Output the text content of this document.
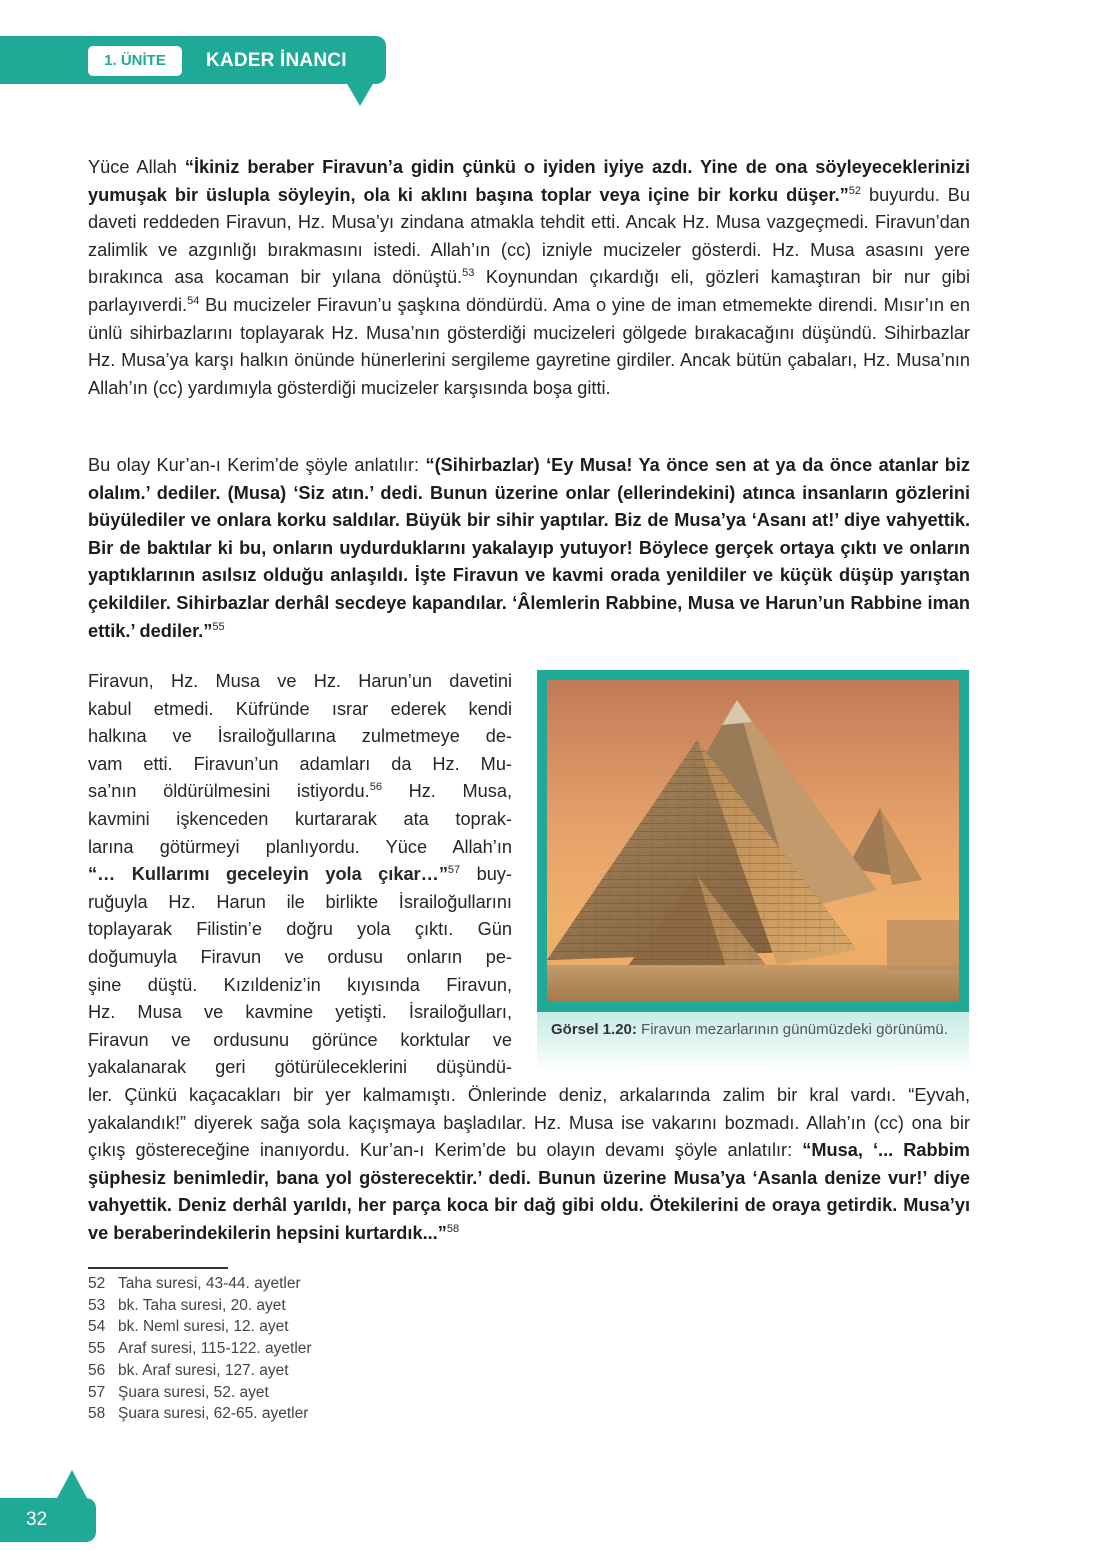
1. ÜNİTE	KADER İNANCI

Yüce Allah “İkiniz beraber Firavun’a gidin çünkü o iyiden iyiye azdı. Yine de ona söyleyeceklerinizi yumuşak bir üslupla söyleyin, ola ki aklını başına toplar veya içine bir korku düşer.”$^{52}$ buyurdu. Bu daveti reddeden Firavun, Hz. Musa’yı zindana atmakla tehdit etti. Ancak Hz. Musa vazgeçmedi. Firavun’dan zalimlik ve azgınlığı bırakmasını istedi. Allah’ın (cc) izniyle mucizeler gösterdi. Hz. Musa asasını yere bırakınca asa kocaman bir yılana dönüştü.$^{53}$ Koynundan çıkardığı eli, gözleri kamaştıran bir nur gibi parlayıverdi.$^{54}$ Bu mucizeler Firavun’u şaşkına döndürdü. Ama o yine de iman etmemekte direndi. Mısır’ın en ünlü sihirbazlarını toplayarak Hz. Musa’nın gösterdiği mucizeleri gölgede bırakacağını düşündü. Sihirbazlar Hz. Musa’ya karşı halkın önünde hünerlerini sergileme gayretine girdiler. Ancak bütün çabaları, Hz. Musa’nın Allah’ın (cc) yardımıyla gösterdiği mucizeler karşısında boşa gitti.

Bu olay Kur’an-ı Kerim’de şöyle anlatılır: “(Sihirbazlar) ‘Ey Musa! Ya önce sen at ya da önce atanlar biz olalım.’ dediler. (Musa) ‘Siz atın.’ dedi. Bunun üzerine onlar (ellerindekini) atınca insanların gözlerini büyülediler ve onlara korku saldılar. Büyük bir sihir yaptılar. Biz de Musa’ya ‘Asanı at!’ diye vahyettik. Bir de baktılar ki bu, onların uydurduklarını yakalayıp yutuyor! Böylece gerçek ortaya çıktı ve onların yaptıklarının asılsız olduğu anlaşıldı. İşte Firavun ve kavmi orada yenildiler ve küçük düşüp yarıştan çekildiler. Sihirbazlar derhâl secdeye kapandılar. ‘Âlemlerin Rabbine, Musa ve Harun’un Rabbine iman ettik.’ dediler.”$^{55}$

Firavun, Hz. Musa ve Hz. Harun’un davetini
kabul etmedi. Küfründe ısrar ederek kendi
halkına ve İsrailoğullarına zulmetmeye de-
vam etti. Firavun’un adamları da Hz. Mu-
sa’nın öldürülmesini istiyordu.$^{56}$ Hz. Musa,
kavmini işkenceden kurtararak ata toprak-
larına götürmeyi planlıyordu. Yüce Allah’ın
“… Kullarımı geceleyin yola çıkar…”$^{57}$ buy-
ruğuyla Hz. Harun ile birlikte İsrailoğullarını
toplayarak Filistin’e doğru yola çıktı. Gün
doğumuyla Firavun ve ordusu onların pe-
şine düştü. Kızıldeniz’in kıyısında Firavun,
Hz. Musa ve kavmine yetişti. İsrailoğulları,
Firavun ve ordusunu görünce korktular ve
yakalanarak geri götürüleceklerini düşündü-
Görsel 1.20: Firavun mezarlarının günümüzdeki görünümü.

ler. Çünkü kaçacakları bir yer kalmamıştı. Önlerinde deniz, arkalarında zalim bir kral vardı. “Eyvah, yakalandık!” diyerek sağa sola kaçışmaya başladılar. Hz. Musa ise vakarını bozmadı. Allah’ın (cc) ona bir çıkış göstereceğine inanıyordu. Kur’an-ı Kerim’de bu olayın devamı şöyle anlatılır: “Musa, ‘... Rabbim şüphesiz benimledir, bana yol gösterecektir.’ dedi. Bunun üzerine Musa’ya ‘Asanla denize vur!’ diye vahyettik. Deniz derhâl yarıldı, her parça koca bir dağ gibi oldu. Ötekilerini de oraya getirdik. Musa’yı ve beraberindekilerin hepsini kurtardık...”$^{58}$

52 Taha suresi, 43-44. ayetler
53 bk. Taha suresi, 20. ayet
54 bk. Neml suresi, 12. ayet
55 Araf suresi, 115-122. ayetler
56 bk. Araf suresi, 127. ayet
57 Şuara suresi, 52. ayet
58 Şuara suresi, 62-65. ayetler
32
